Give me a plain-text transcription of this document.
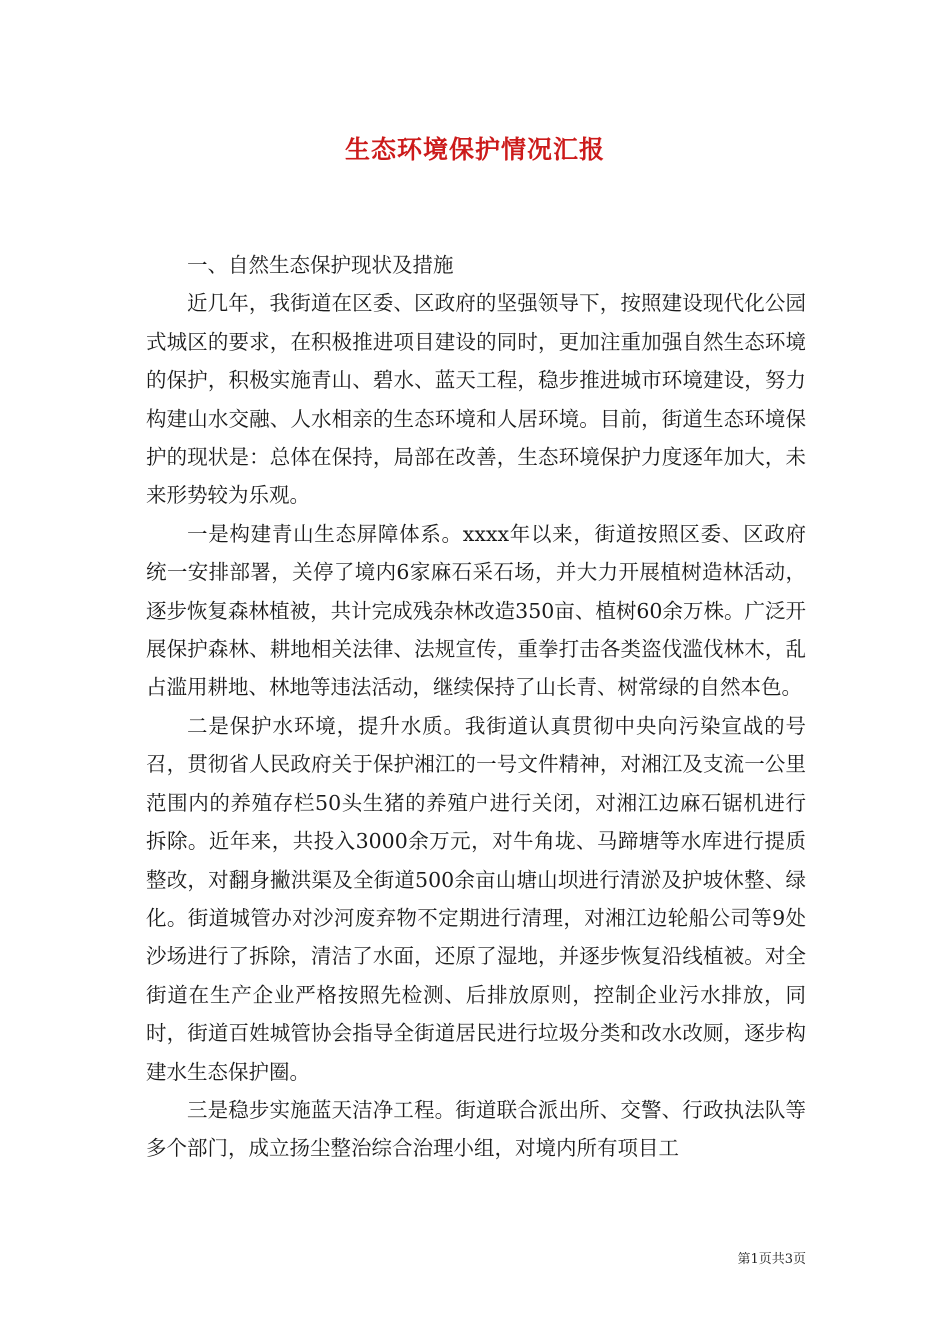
生态环境保护情况汇报

一、自然生态保护现状及措施

近几年，我街道在区委、区政府的坚强领导下，按照建设现代化公园式城区的要求，在积极推进项目建设的同时，更加注重加强自然生态环境的保护，积极实施青山、碧水、蓝天工程，稳步推进城市环境建设，努力构建山水交融、人水相亲的生态环境和人居环境。目前，街道生态环境保护的现状是：总体在保持，局部在改善，生态环境保护力度逐年加大，未来形势较为乐观。

一是构建青山生态屏障体系。xxxx年以来，街道按照区委、区政府统一安排部署，关停了境内6家麻石采石场，并大力开展植树造林活动，逐步恢复森林植被，共计完成残杂林改造350亩、植树60余万株。广泛开展保护森林、耕地相关法律、法规宣传，重拳打击各类盗伐滥伐林木，乱占滥用耕地、林地等违法活动，继续保持了山长青、树常绿的自然本色。

二是保护水环境，提升水质。我街道认真贯彻中央向污染宣战的号召，贯彻省人民政府关于保护湘江的一号文件精神，对湘江及支流一公里范围内的养殖存栏50头生猪的养殖户进行关闭，对湘江边麻石锯机进行拆除。近年来，共投入3000余万元，对牛角垅、马蹄塘等水库进行提质整改，对翻身撇洪渠及全街道500余亩山塘山坝进行清淤及护坡休整、绿化。街道城管办对沙河废弃物不定期进行清理，对湘江边轮船公司等9处沙场进行了拆除，清洁了水面，还原了湿地，并逐步恢复沿线植被。对全街道在生产企业严格按照先检测、后排放原则，控制企业污水排放，同时，街道百姓城管协会指导全街道居民进行垃圾分类和改水改厕，逐步构建水生态保护圈。

三是稳步实施蓝天洁净工程。街道联合派出所、交警、行政执法队等多个部门，成立扬尘整治综合治理小组，对境内所有项目工

第1页共3页
